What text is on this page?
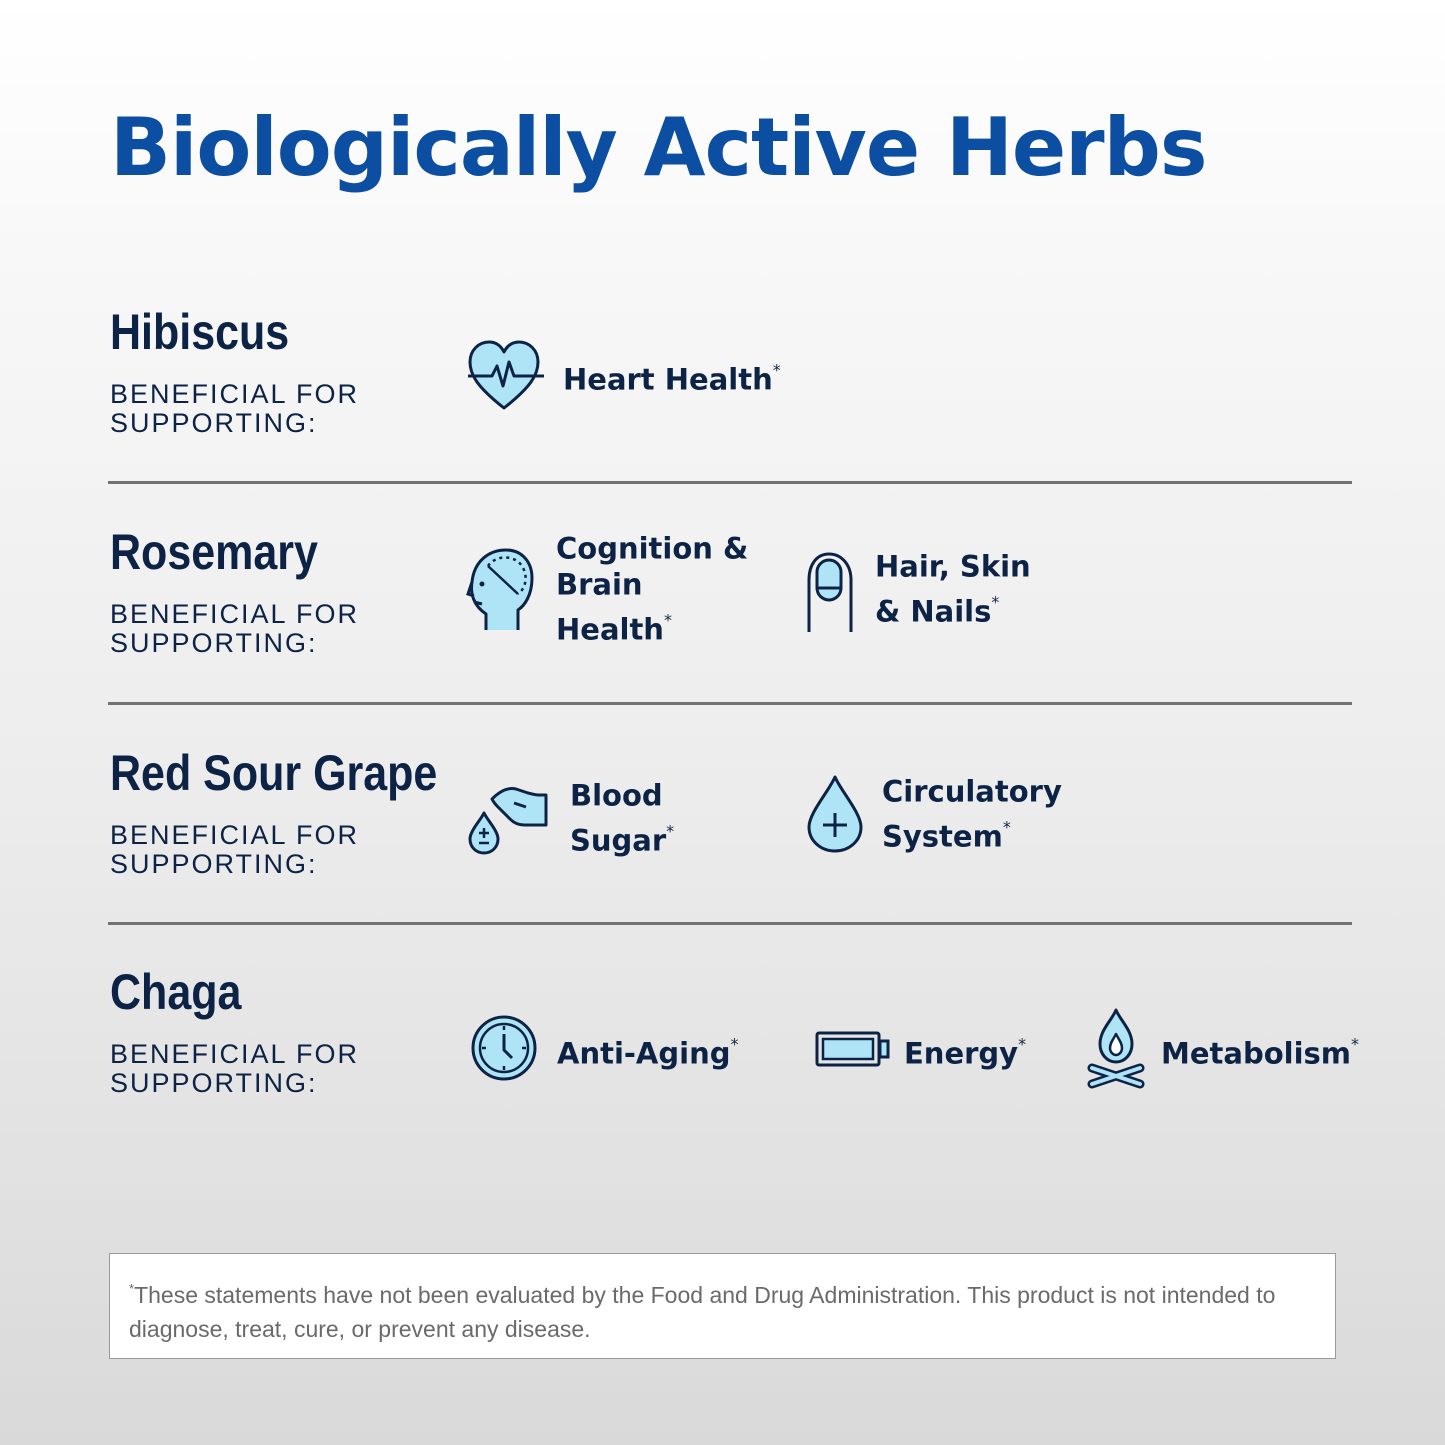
Biologically Active Herbs
Hibiscus
BENEFICIAL FOR SUPPORTING:
Heart Health*
Rosemary
BENEFICIAL FOR SUPPORTING:
Cognition &
Brain Health*
Hair, Skin
& Nails*
Red Sour Grape
BENEFICIAL FOR SUPPORTING:
Blood
Sugar*
Circulatory
System*
Chaga
BENEFICIAL FOR SUPPORTING:
Anti-Aging*	Energy*	Metabolism*
*These statements have not been evaluated by the Food and Drug Administration. This product is not intended to diagnose, treat, cure, or prevent any disease.
